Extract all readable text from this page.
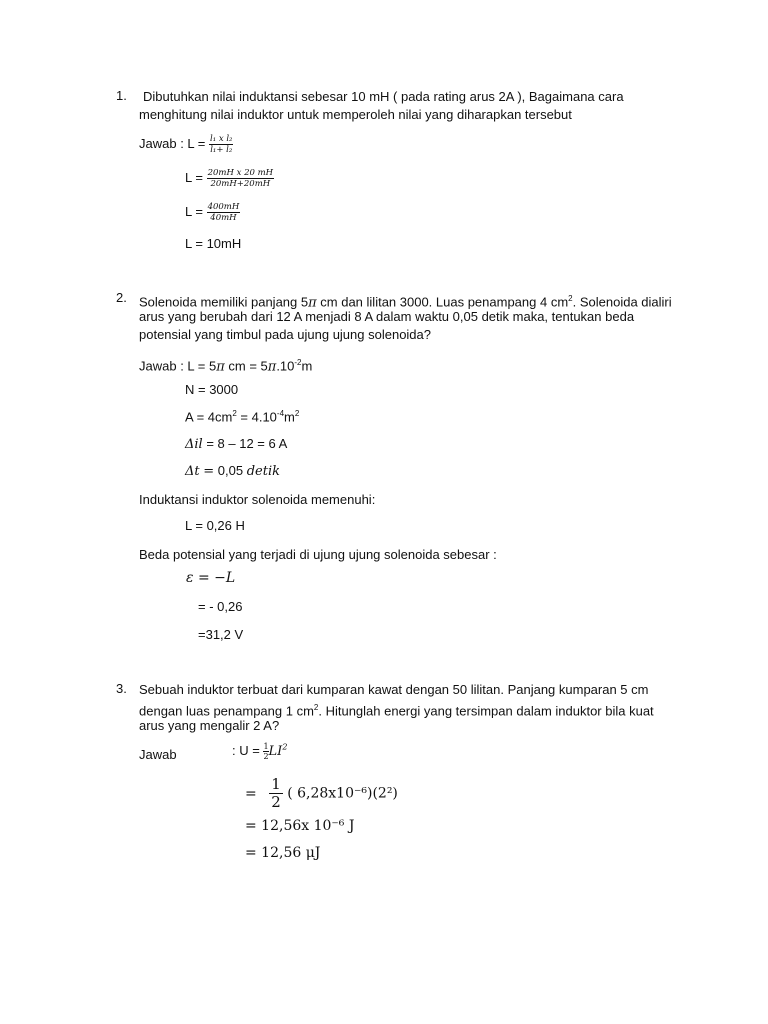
1. Dibutuhkan nilai induktansi sebesar 10 mH ( pada rating arus 2A ), Bagaimana cara
menghitung nilai induktor untuk memperoleh nilai yang diharapkan tersebut
Jawab : $L = \frac{\text{l₁ x l₂}}{\text{l₁+ l₂}}$
$L = \frac{\text{20mH x 20 mH}}{20mH+20mH}$
$L = \frac{400mH}{40mH}$
L = 10mH
2. Solenoida memiliki panjang 5π cm dan lilitan 3000. Luas penampang 4 $cm^2$. Solenoida dialiri
arus yang berubah dari 12 A menjadi 8 A dalam waktu 0,05 detik maka, tentukan beda
potensial yang timbul pada ujung ujung solenoida?
Jawab : L = 5π cm = $5\pi.10^{-2}m$
N = 3000
$A = 4cm^2 = 4.10^{-4}m^2$
Δil = 8 – 12 = 6 A
Δt = 0,05 detik
Induktansi induktor solenoida memenuhi:
L = 0,26 H
Beda potensial yang terjadi di ujung ujung solenoida sebesar :
ε = −L
= - 0,26
=31,2 V
3. Sebuah induktor terbuat dari kumparan kawat dengan 50 lilitan. Panjang kumparan 5 cm
dengan luas penampang 1 $cm^2$. Hitunglah energi yang tersimpan dalam induktor bila kuat
arus yang mengalir 2 A?
Jawab	: $U = \frac{1}{2} LI^2$
= $\frac{1}{2}$ ( 6,28x10⁻⁶)(2²)
= 12,56x 10⁻⁶ J
= 12,56 μJ
